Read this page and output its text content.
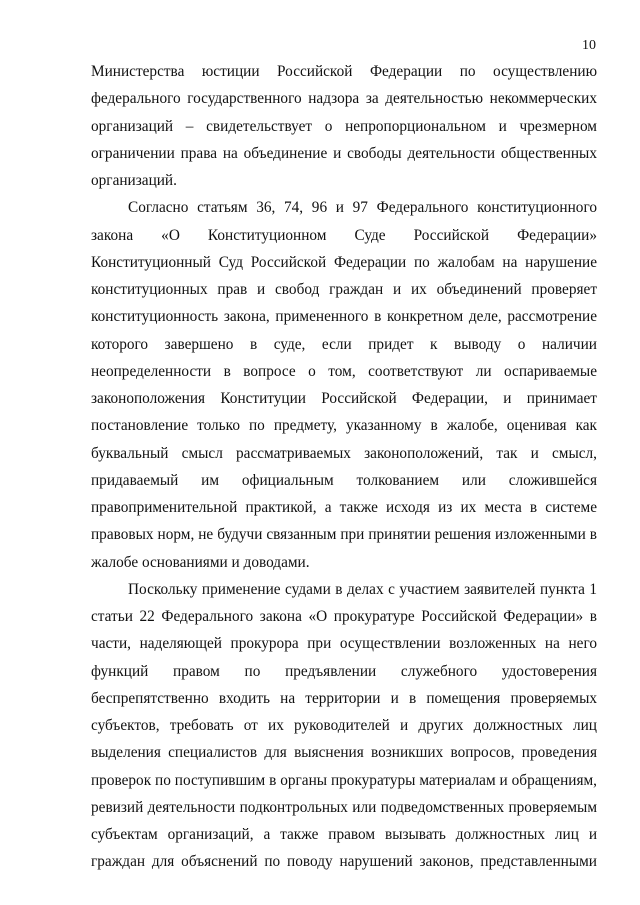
10
Министерства юстиции Российской Федерации по осуществлению
федерального государственного надзора за деятельностью некоммерческих
организаций – свидетельствует о непропорциональном и чрезмерном
ограничении права на объединение и свободы деятельности общественных
организаций.
Согласно статьям 36, 74, 96 и 97 Федерального конституционного
закона «О Конституционном Суде Российской Федерации»
Конституционный Суд Российской Федерации по жалобам на нарушение
конституционных прав и свобод граждан и их объединений проверяет
конституционность закона, примененного в конкретном деле, рассмотрение
которого завершено в суде, если придет к выводу о наличии
неопределенности в вопросе о том, соответствуют ли оспариваемые
законоположения Конституции Российской Федерации, и принимает
постановление только по предмету, указанному в жалобе, оценивая как
буквальный смысл рассматриваемых законоположений, так и смысл,
придаваемый им официальным толкованием или сложившейся
правоприменительной практикой, а также исходя из их места в системе
правовых норм, не будучи связанным при принятии решения изложенными в
жалобе основаниями и доводами.
Поскольку применение судами в делах с участием заявителей пункта 1
статьи 22 Федерального закона «О прокуратуре Российской Федерации» в
части, наделяющей прокурора при осуществлении возложенных на него
функций правом по предъявлении служебного удостоверения
беспрепятственно входить на территории и в помещения проверяемых
субъектов, требовать от их руководителей и других должностных лиц
выделения специалистов для выяснения возникших вопросов, проведения
проверок по поступившим в органы прокуратуры материалам и обращениям,
ревизий деятельности подконтрольных или подведомственных проверяемым
субъектам организаций, а также правом вызывать должностных лиц и
граждан для объяснений по поводу нарушений законов, представленными
